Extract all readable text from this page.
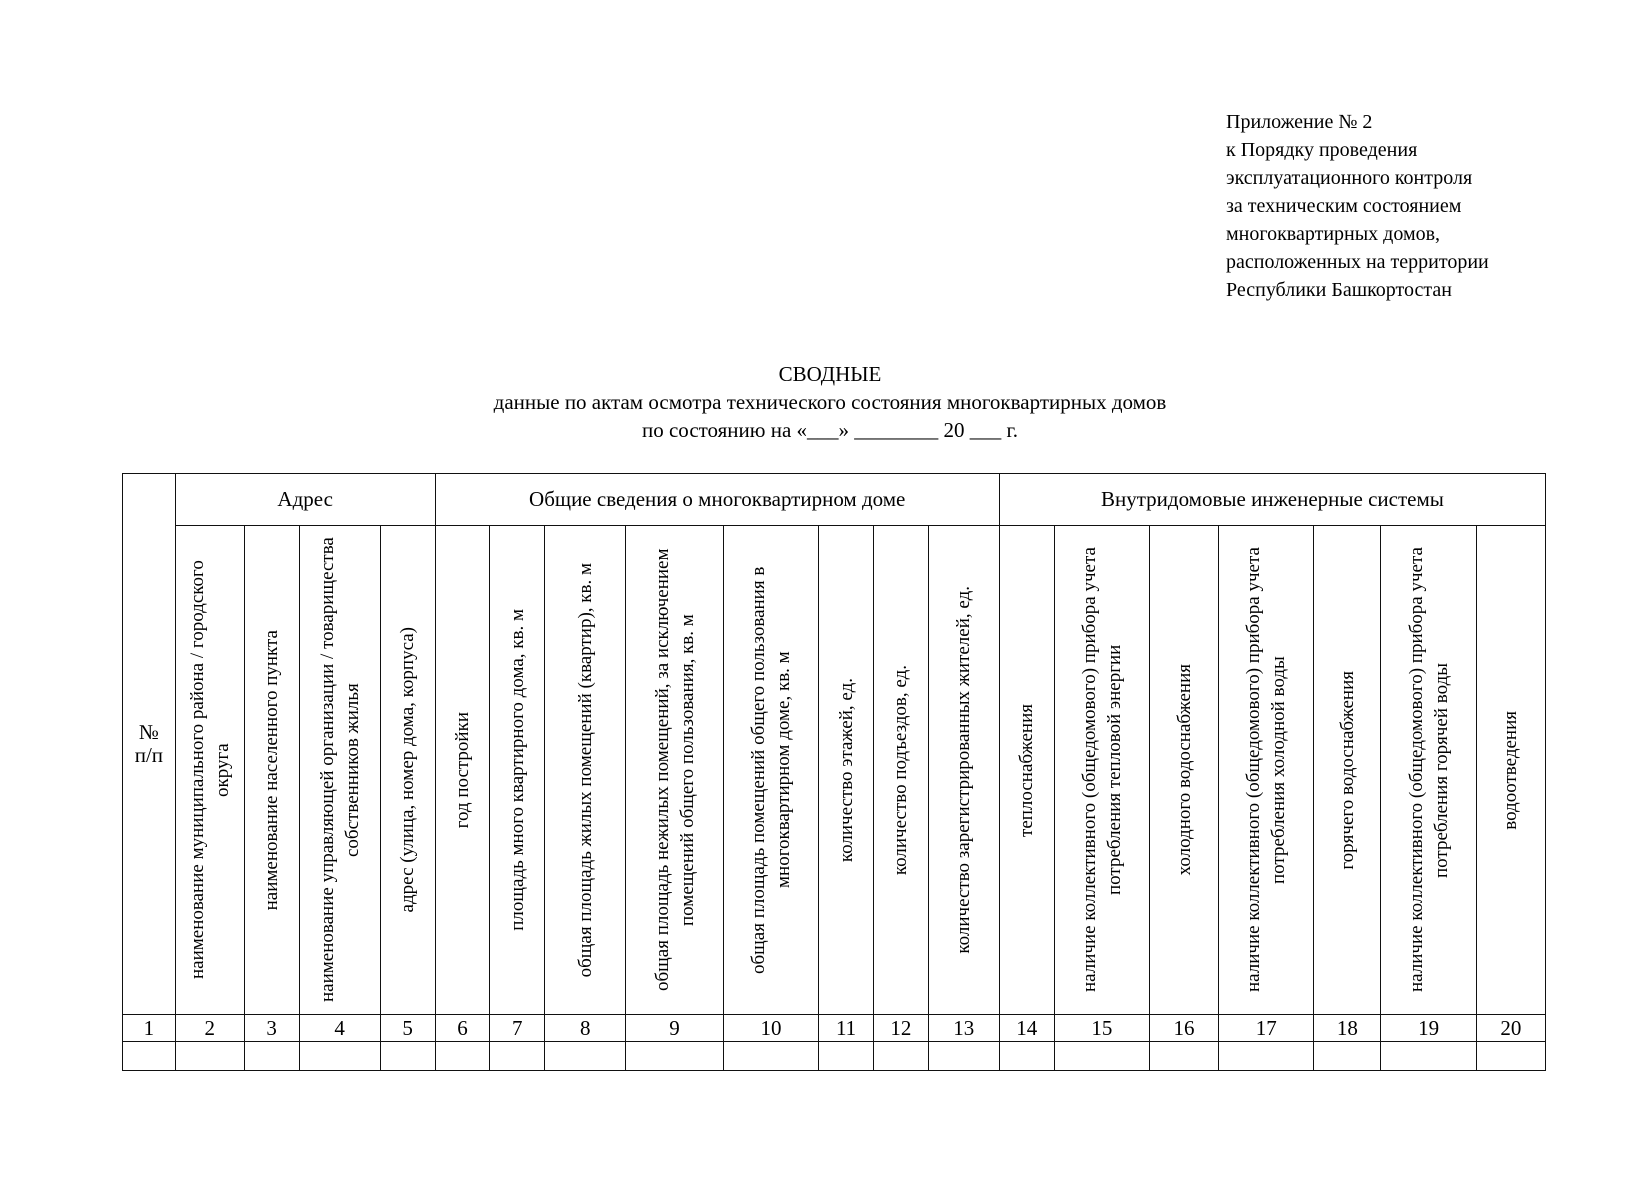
Приложение № 2
к Порядку проведения
эксплуатационного контроля
за техническим состоянием
многоквартирных домов,
расположенных на территории
Республики Башкортостан
СВОДНЫЕ
данные по актам осмотра технического состояния многоквартирных домов
по состоянию на «___» ________ 20 ___ г.
№ п/п	Адрес				Общие сведения о многоквартирном доме								Внутридомовые инженерные системы						

	наименование муниципального района / городского округа	наименование населенного пункта	наименование управляющей организации / товарищества собственников жилья	адрес (улица, номер дома, корпуса)	год постройки	площадь много квартирного дома, кв. м	общая площадь жилых помещений (квартир), кв. м	общая площадь нежилых помещений, за исключением помещений общего пользования, кв. м	общая площадь помещений общего пользования в многоквартирном доме, кв. м	количество этажей, ед.	количество подъездов, ед.	количество зарегистрированных жителей, ед.	теплоснабжения	наличие коллективного (общедомового) прибора учета потребления тепловой энергии	холодного водоснабжения	наличие коллективного (общедомового) прибора учета потребления холодной воды	горячего водоснабжения	наличие коллективного (общедомового) прибора учета потребления горячей воды	водоотведения

1	2	3	4	5	6	7	8	9	10	11	12	13	14	15	16	17	18	19	20
